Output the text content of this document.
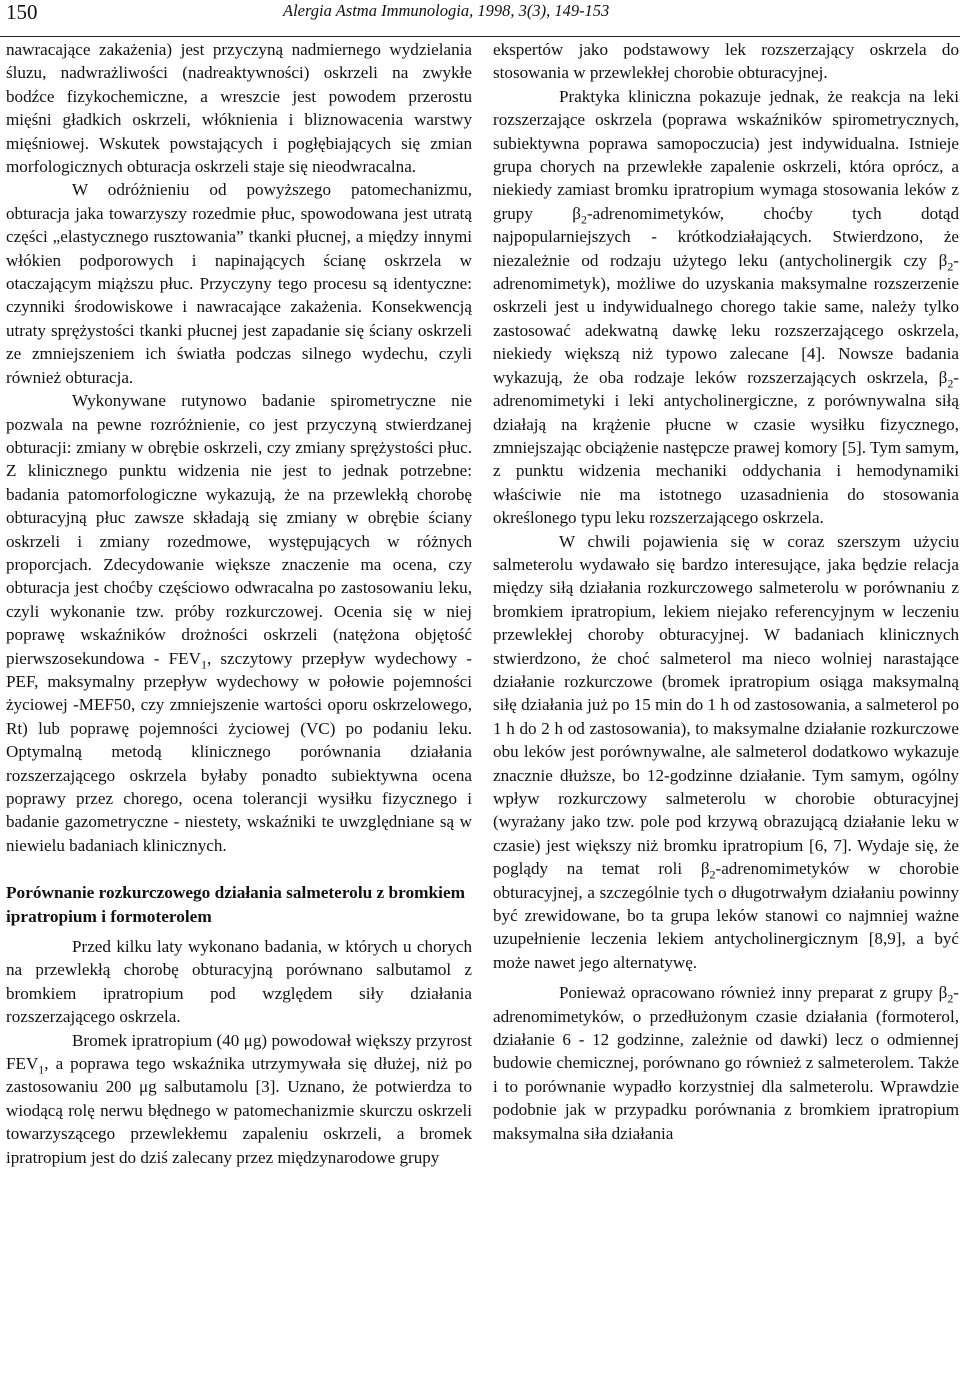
150	Alergia Astma Immunologia, 1998, 3(3), 149-153

nawracające zakażenia) jest przyczyną nadmiernego wydzielania śluzu, nadwrażliwości (nadreaktywności) oskrzeli na zwykłe bodźce fizykochemiczne, a wreszcie jest powodem przerostu mięśni gładkich oskrzeli, włóknienia i bliznowacenia warstwy mięśniowej. Wskutek powstających i pogłębiających się zmian morfologicznych obturacja oskrzeli staje się nieodwracalna.

W odróżnieniu od powyższego patomechanizmu, obturacja jaka towarzyszy rozedmie płuc, spowodowana jest utratą części „elastycznego rusztowania” tkanki płucnej, a między innymi włókien podporowych i napinających ścianę oskrzela w otaczającym miąższu płuc. Przyczyny tego procesu są identyczne: czynniki środowiskowe i nawracające zakażenia. Konsekwencją utraty sprężystości tkanki płucnej jest zapadanie się ściany oskrzeli ze zmniejszeniem ich światła podczas silnego wydechu, czyli również obturacja.

Wykonywane rutynowo badanie spirometryczne nie pozwala na pewne rozróżnienie, co jest przyczyną stwierdzanej obturacji: zmiany w obrębie oskrzeli, czy zmiany sprężystości płuc. Z klinicznego punktu widzenia nie jest to jednak potrzebne: badania patomorfologiczne wykazują, że na przewlekłą chorobę obturacyjną płuc zawsze składają się zmiany w obrębie ściany oskrzeli i zmiany rozedmowe, występujących w różnych proporcjach. Zdecydowanie większe znaczenie ma ocena, czy obturacja jest choćby częściowo odwracalna po zastosowaniu leku, czyli wykonanie tzw. próby rozkurczowej. Ocenia się w niej poprawę wskaźników drożności oskrzeli (natężona objętość pierwszosekundowa - $FEV_1$, szczytowy przepływ wydechowy -PEF, maksymalny przepływ wydechowy w połowie pojemności życiowej -MEF50, czy zmniejszenie wartości oporu oskrzelowego, Rt) lub poprawę pojemności życiowej (VC) po podaniu leku. Optymalną metodą klinicznego porównania działania rozszerzającego oskrzela byłaby ponadto subiektywna ocena poprawy przez chorego, ocena tolerancji wysiłku fizycznego i badanie gazometryczne - niestety, wskaźniki te uwzględniane są w niewielu badaniach klinicznych.

Porównanie rozkurczowego działania salmeterolu z bromkiem ipratropium i formoterolem

Przed kilku laty wykonano badania, w których u chorych na przewlekłą chorobę obturacyjną porównano salbutamol z bromkiem ipratropium pod względem siły działania rozszerzającego oskrzela.

Bromek ipratropium (40 μg) powodował większy przyrost $FEV_1$, a poprawa tego wskaźnika utrzymywała się dłużej, niż po zastosowaniu 200 μg salbutamolu [3]. Uznano, że potwierdza to wiodącą rolę nerwu błędnego w patomechanizmie skurczu oskrzeli towarzyszącego przewlekłemu zapaleniu oskrzeli, a bromek ipratropium jest do dziś zalecany przez międzynarodowe grupy

ekspertów jako podstawowy lek rozszerzający oskrzela do stosowania w przewlekłej chorobie obturacyjnej.

Praktyka kliniczna pokazuje jednak, że reakcja na leki rozszerzające oskrzela (poprawa wskaźników spirometrycznych, subiektywna poprawa samopoczucia) jest indywidualna. Istnieje grupa chorych na przewlekłe zapalenie oskrzeli, która oprócz, a niekiedy zamiast bromku ipratropium wymaga stosowania leków z grupy $\beta_2$-adrenomimetyków, choćby tych dotąd najpopularniejszych - krótkodziałających. Stwierdzono, że niezależnie od rodzaju użytego leku (antycholinergik czy $\beta_2-adrenomimetyk$), możliwe do uzyskania maksymalne rozszerzenie oskrzeli jest u indywidualnego chorego takie same, należy tylko zastosować adekwatną dawkę leku rozszerzającego oskrzela, niekiedy większą niż typowo zalecane [4]. Nowsze badania wykazują, że oba rodzaje leków rozszerzających oskrzela, $\beta_2$-adrenomimetyki i leki antycholinergiczne, z porównywalna siłą działają na krążenie płucne w czasie wysiłku fizycznego, zmniejszając obciążenie następcze prawej komory [5]. Tym samym, z punktu widzenia mechaniki oddychania i hemodynamiki właściwie nie ma istotnego uzasadnienia do stosowania określonego typu leku rozszerzającego oskrzela.

W chwili pojawienia się w coraz szerszym użyciu salmeterolu wydawało się bardzo interesujące, jaka będzie relacja między siłą działania rozkurczowego salmeterolu w porównaniu z bromkiem ipratropium, lekiem niejako referencyjnym w leczeniu przewlekłej choroby obturacyjnej. W badaniach klinicznych stwierdzono, że choć salmeterol ma nieco wolniej narastające działanie rozkurczowe (bromek ipratropium osiąga maksymalną siłę działania już po 15 min do 1 h od zastosowania, a salmeterol po 1 h do 2 h od zastosowania), to maksymalne działanie rozkurczowe obu leków jest porównywalne, ale salmeterol dodatkowo wykazuje znacznie dłuższe, bo 12-godzinne działanie. Tym samym, ogólny wpływ rozkurczowy salmeterolu w chorobie obturacyjnej (wyrażany jako tzw. pole pod krzywą obrazującą działanie leku w czasie) jest większy niż bromku ipratropium [6, 7]. Wydaje się, że poglądy na temat roli $\beta_2$-adrenomimetyków w chorobie obturacyjnej, a szczególnie tych o długotrwałym działaniu powinny być zrewidowane, bo ta grupa leków stanowi co najmniej ważne uzupełnienie leczenia lekiem antycholinergicznym [8,9], a być może nawet jego alternatywę.

Ponieważ opracowano również inny preparat z grupy $\beta_2$-adrenomimetyków, o przedłużonym czasie działania (formoterol, działanie 6 - 12 godzinne, zależnie od dawki) lecz o odmiennej budowie chemicznej, porównano go również z salmeterolem. Także i to porównanie wypadło korzystniej dla salmeterolu. Wprawdzie podobnie jak w przypadku porównania z bromkiem ipratropium maksymalna siła działania
